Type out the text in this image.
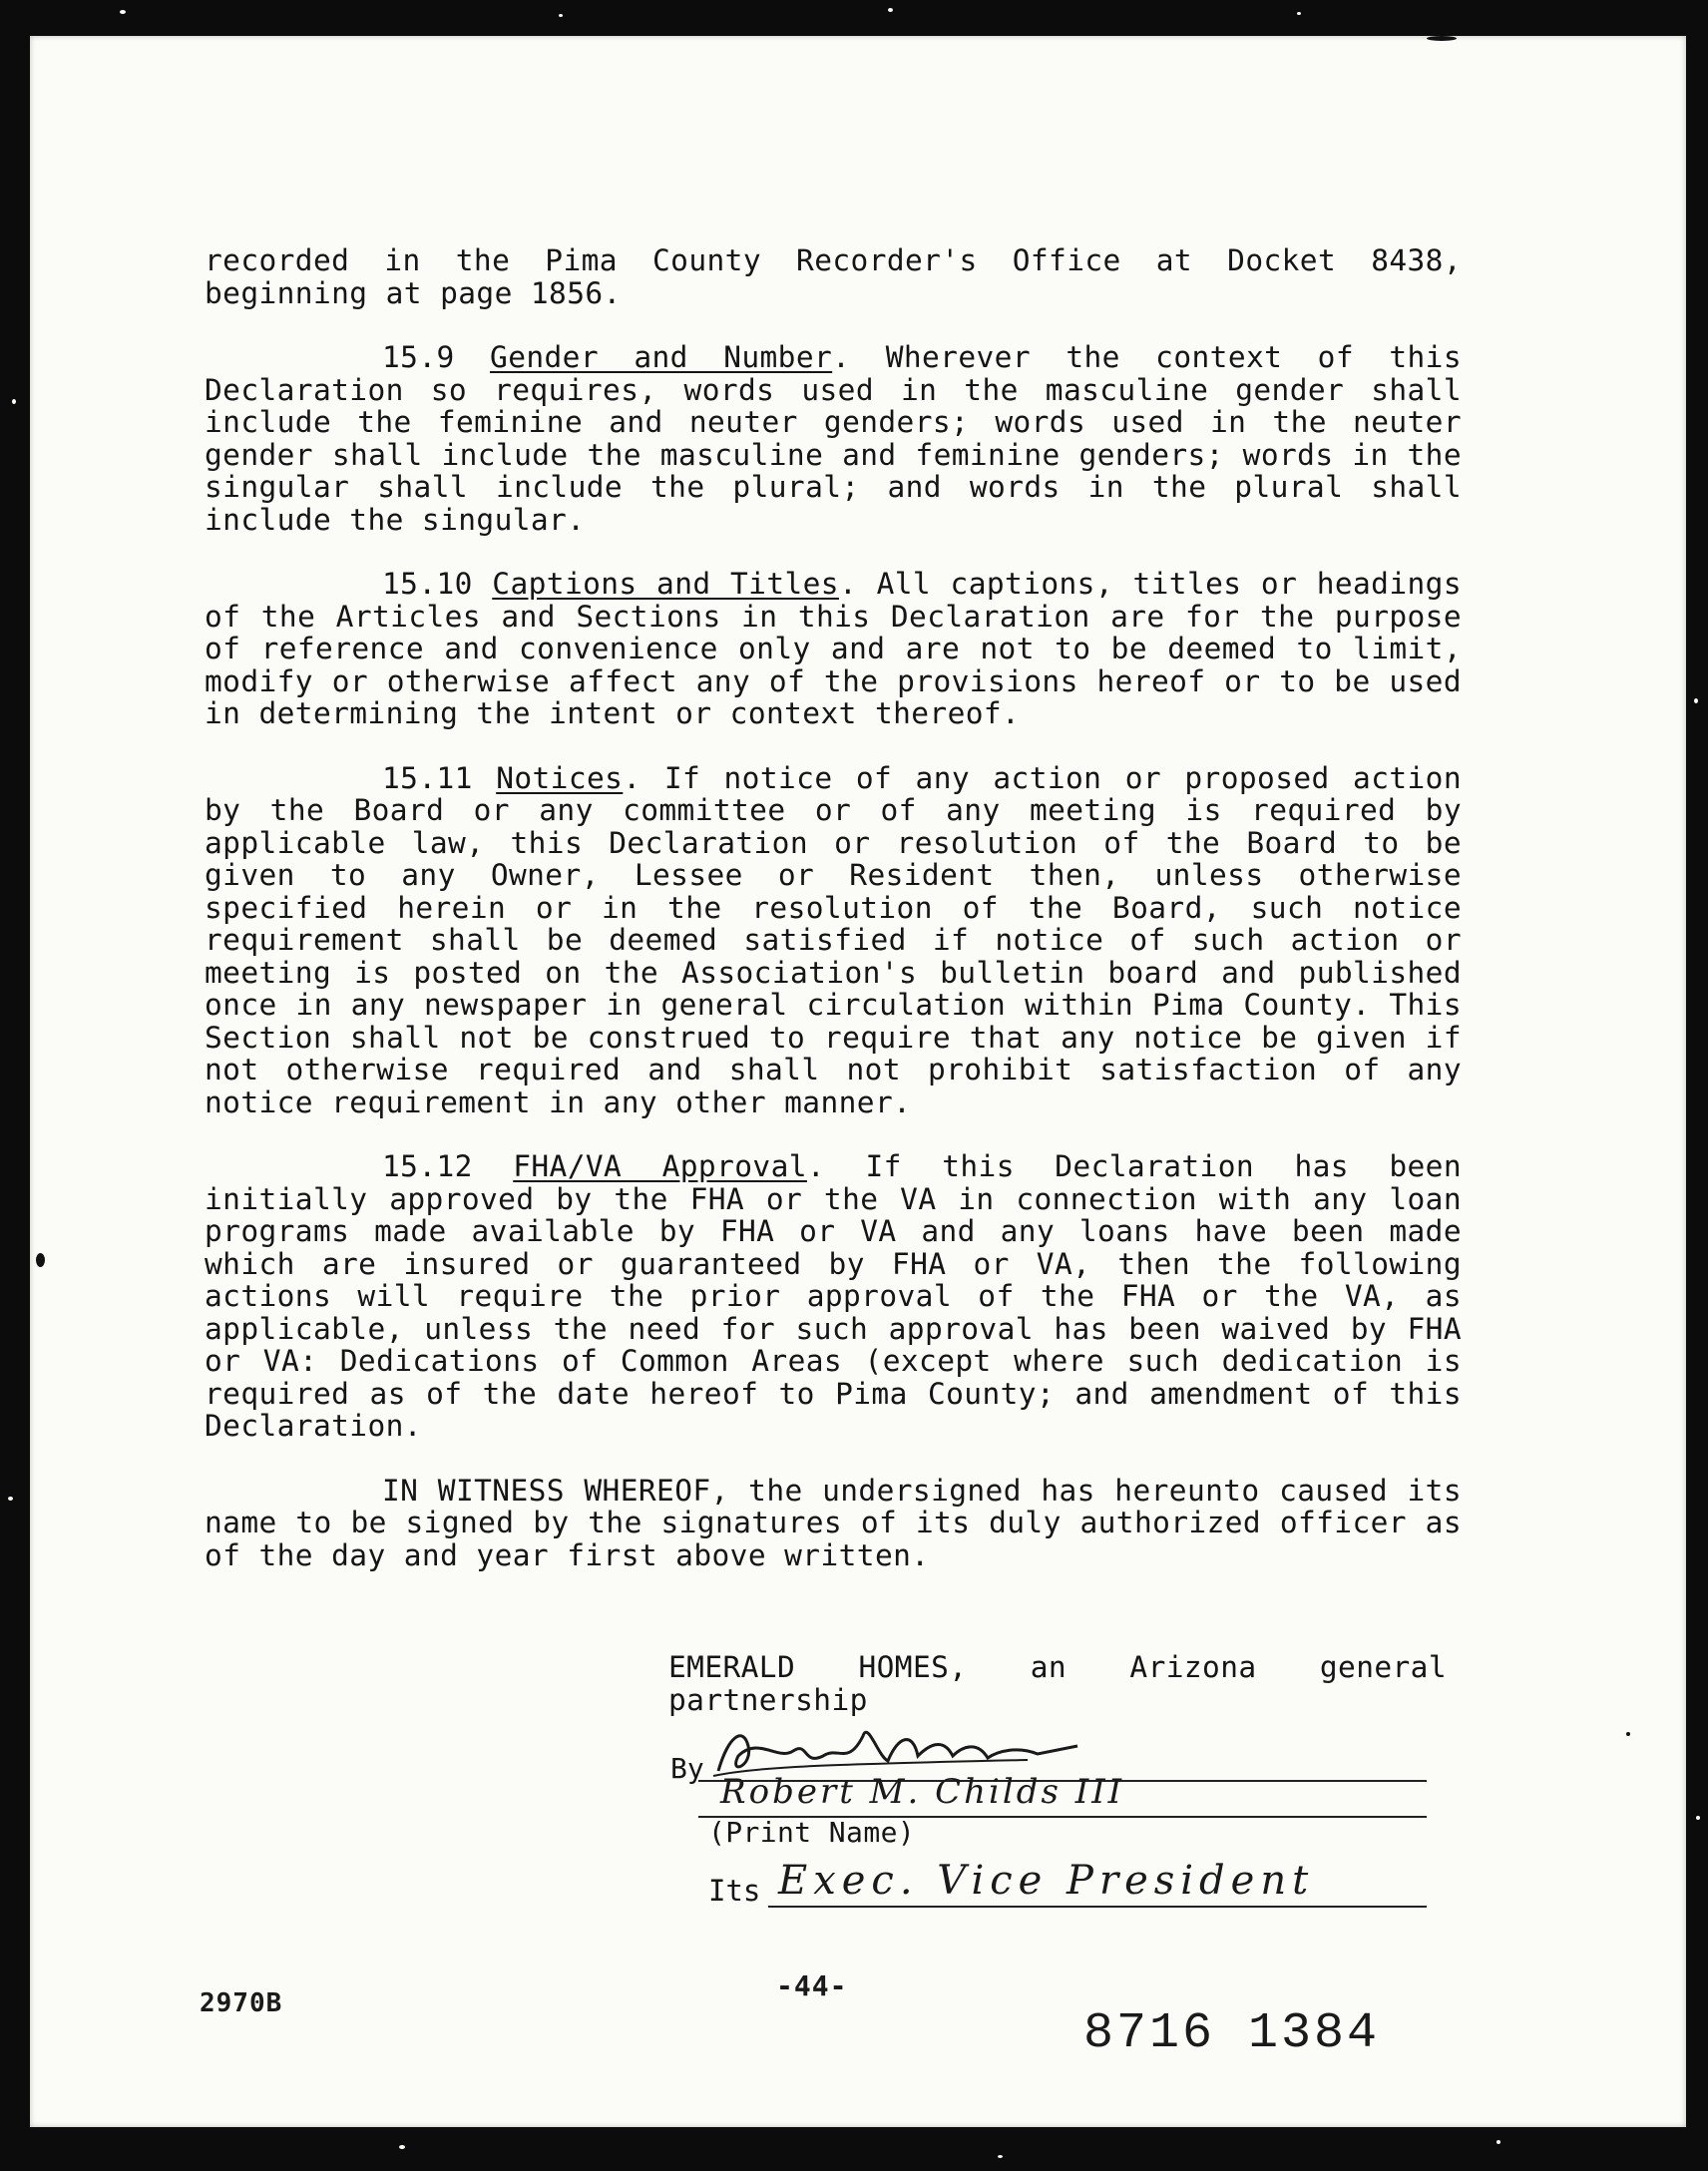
recorded in the Pima County Recorder's Office at Docket 8438, beginning at page 1856.

15.9 Gender and Number. Wherever the context of this Declaration so requires, words used in the masculine gender shall include the feminine and neuter genders; words used in the neuter gender shall include the masculine and feminine genders; words in the singular shall include the plural; and words in the plural shall include the singular.

15.10 Captions and Titles. All captions, titles or headings of the Articles and Sections in this Declaration are for the purpose of reference and convenience only and are not to be deemed to limit, modify or otherwise affect any of the provisions hereof or to be used in determining the intent or context thereof.

15.11 Notices. If notice of any action or proposed action by the Board or any committee or of any meeting is required by applicable law, this Declaration or resolution of the Board to be given to any Owner, Lessee or Resident then, unless otherwise specified herein or in the resolution of the Board, such notice requirement shall be deemed satisfied if notice of such action or meeting is posted on the Association's bulletin board and published once in any newspaper in general circulation within Pima County. This Section shall not be construed to require that any notice be given if not otherwise required and shall not prohibit satisfaction of any notice requirement in any other manner.

15.12 FHA/VA Approval. If this Declaration has been initially approved by the FHA or the VA in connection with any loan programs made available by FHA or VA and any loans have been made which are insured or guaranteed by FHA or VA, then the following actions will require the prior approval of the FHA or the VA, as applicable, unless the need for such approval has been waived by FHA or VA: Dedications of Common Areas (except where such dedication is required as of the date hereof to Pima County; and amendment of this Declaration.

IN WITNESS WHEREOF, the undersigned has hereunto caused its name to be signed by the signatures of its duly authorized officer as of the day and year first above written.

EMERALD HOMES, an Arizona general partnership
By
Robert M. Childs III
(Print Name)
Its Exec. Vice President
2970B
-44-
8716 1384
